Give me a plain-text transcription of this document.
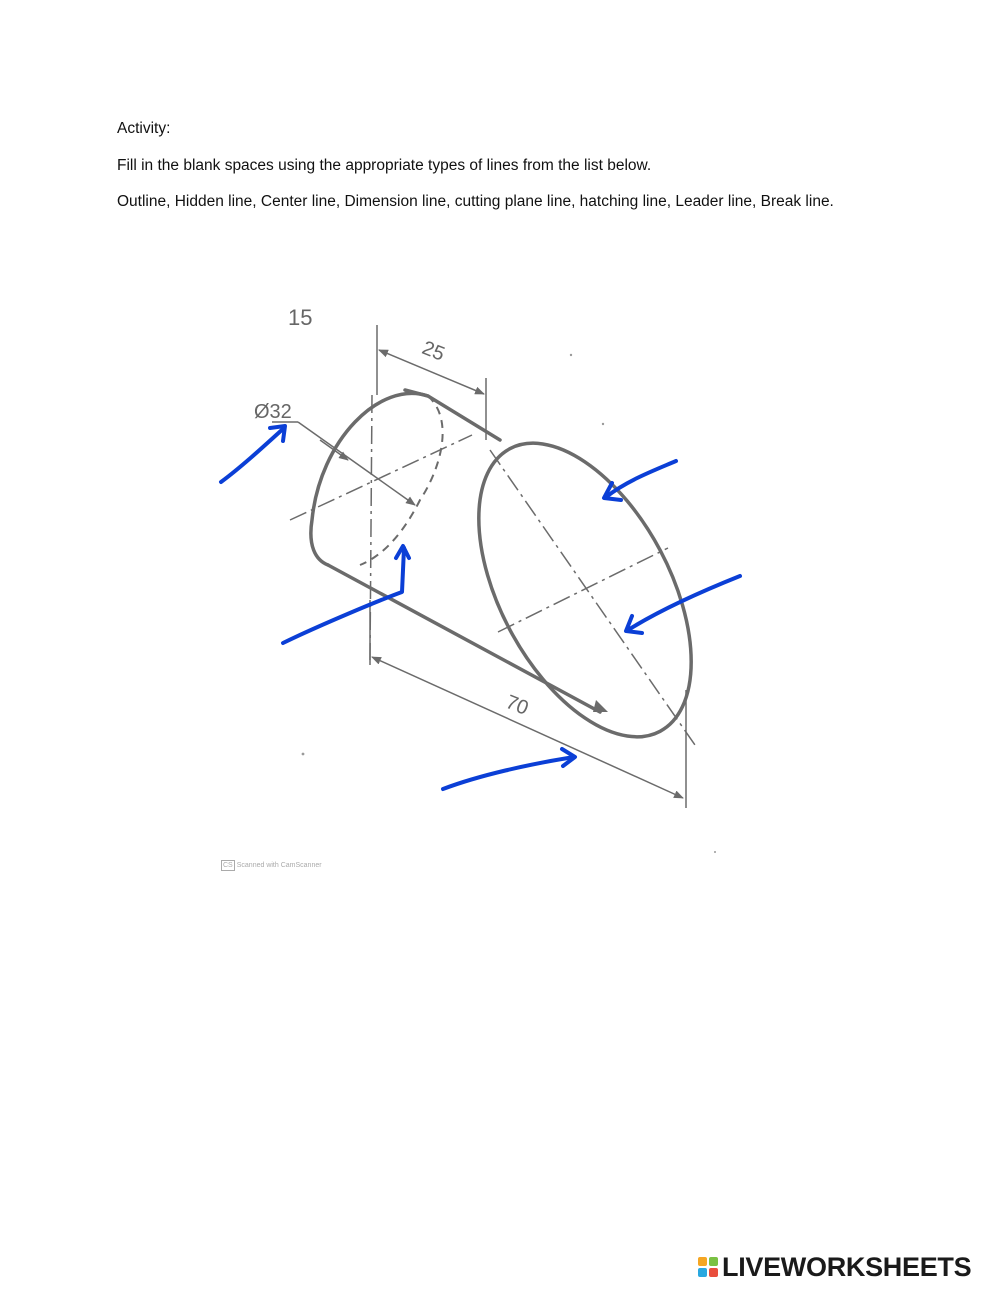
Activity:

Fill in the blank spaces using the appropriate types of lines from the list below.

Outline, Hidden line, Center line, Dimension line, cutting plane line, hatching line, Leader line, Break line.

15
25
Ø32
70
CS Scanned with CamScanner
LIVEWORKSHEETS
